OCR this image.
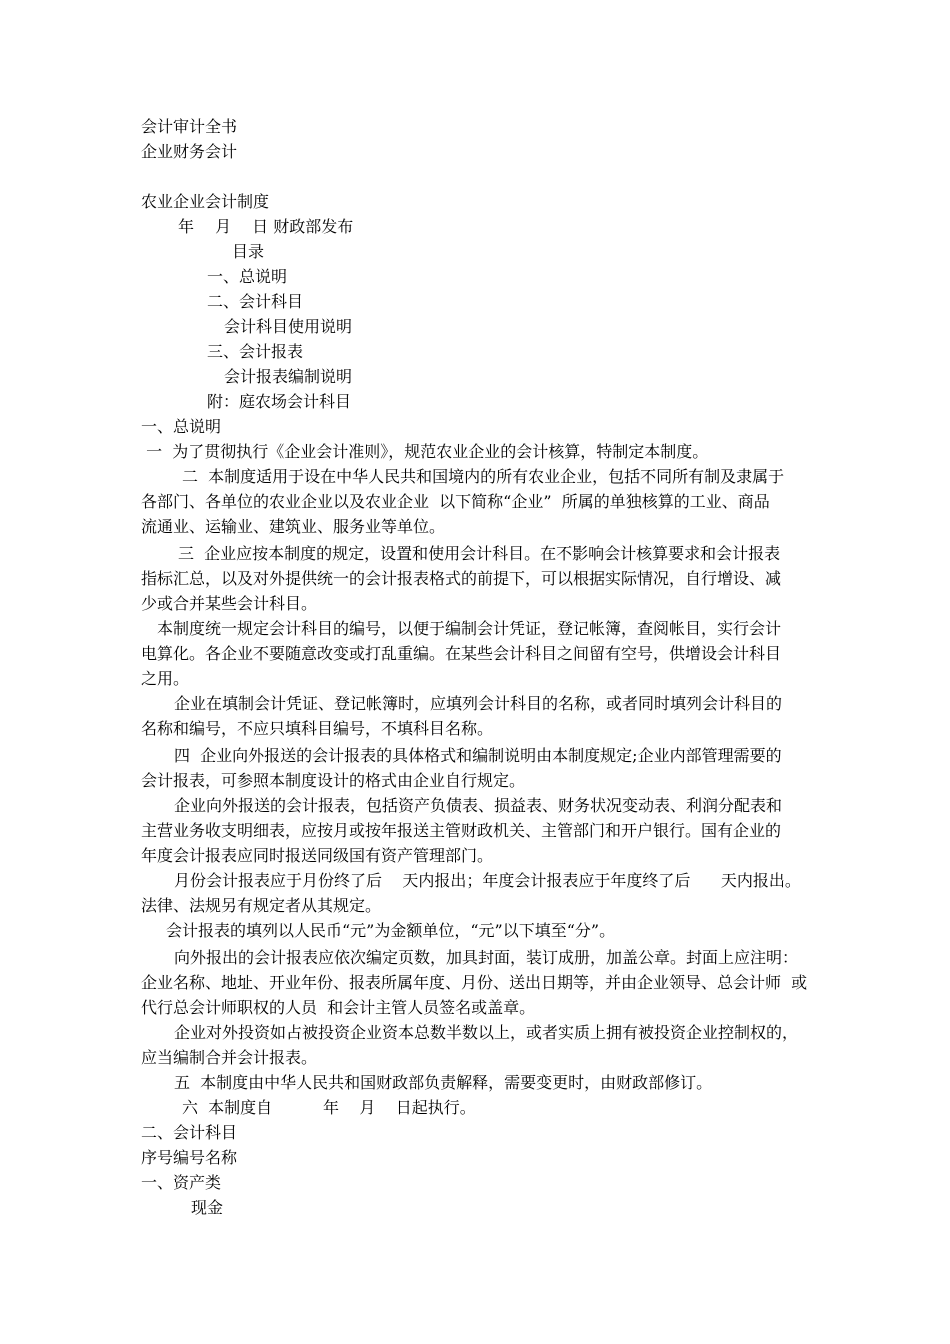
会计审计全书
企业财务会计
农业企业会计制度
年　 月　 日 财政部发布
目录
一、总说明
二、会计科目
会计科目使用说明
三、会计报表
会计报表编制说明
附：庭农场会计科目
一、总说明
一  为了贯彻执行《企业会计准则》，规范农业企业的会计核算，特制定本制度。
二  本制度适用于设在中华人民共和国境内的所有农业企业，包括不同所有制及隶属于
各部门、各单位的农业企业以及农业企业  以下简称“企业”  所属的单独核算的工业、商品
流通业、运输业、建筑业、服务业等单位。
三  企业应按本制度的规定，设置和使用会计科目。在不影响会计核算要求和会计报表
指标汇总，以及对外提供统一的会计报表格式的前提下，可以根据实际情况，自行增设、减
少或合并某些会计科目。
本制度统一规定会计科目的编号，以便于编制会计凭证，登记帐簿，查阅帐目，实行会计
电算化。各企业不要随意改变或打乱重编。在某些会计科目之间留有空号，供增设会计科目
之用。
企业在填制会计凭证、登记帐簿时，应填列会计科目的名称，或者同时填列会计科目的
名称和编号，不应只填科目编号，不填科目名称。
四  企业向外报送的会计报表的具体格式和编制说明由本制度规定;企业内部管理需要的
会计报表，可参照本制度设计的格式由企业自行规定。
企业向外报送的会计报表，包括资产负债表、损益表、财务状况变动表、利润分配表和
主营业务收支明细表，应按月或按年报送主管财政机关、主管部门和开户银行。国有企业的
年度会计报表应同时报送同级国有资产管理部门。
月份会计报表应于月份终了后    天内报出；年度会计报表应于年度终了后      天内报出。
法律、法规另有规定者从其规定。
会计报表的填列以人民币“元”为金额单位，“元”以下填至“分”。
向外报出的会计报表应依次编定页数，加具封面，装订成册，加盖公章。封面上应注明：
企业名称、地址、开业年份、报表所属年度、月份、送出日期等，并由企业领导、总会计师  或
代行总会计师职权的人员  和会计主管人员签名或盖章。
企业对外投资如占被投资企业资本总数半数以上，或者实质上拥有被投资企业控制权的，
应当编制合并会计报表。
五  本制度由中华人民共和国财政部负责解释，需要变更时，由财政部修订。
六  本制度自          年    月    日起执行。
二、会计科目
序号编号名称
一、资产类
现金
